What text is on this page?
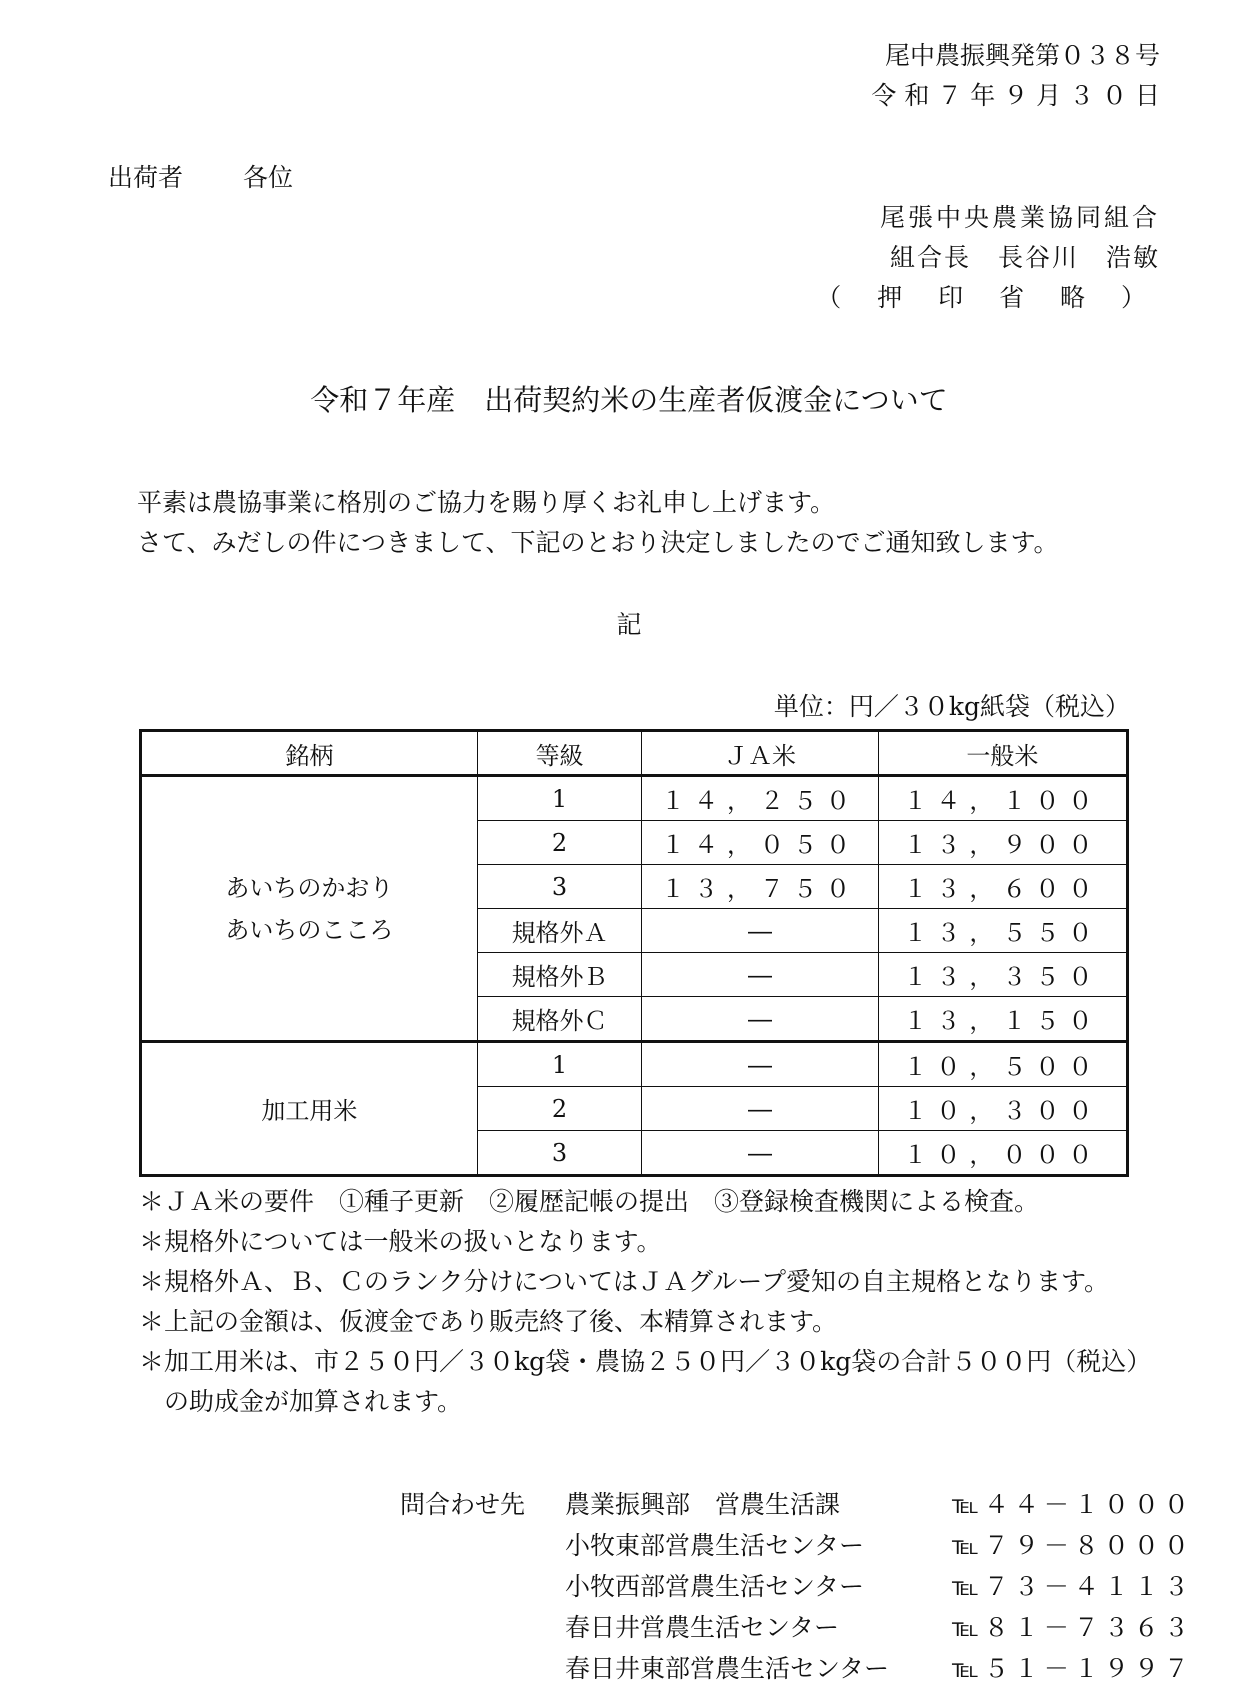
尾中農振興発第０３８号
令 和 ７ 年 ９ 月 ３ ０ 日
出荷者 各位
尾張中央農業協同組合
組合長　長谷川　浩敏
（ 押 印 省 略 ）
令和７年産　出荷契約米の生産者仮渡金について
平素は農協事業に格別のご協力を賜り厚くお礼申し上げます。
さて、みだしの件につきまして、下記のとおり決定しましたのでご通知致します。
記
単位：円／３０kg紙袋（税込）
銘柄	等級	ＪＡ米	一般米

あいちのかおり
あいちのこころ	1	１４，２５０	１４，１００
	2	１４，０５０	１３，９００
	3	１３，７５０	１３，６００
	規格外Ａ	―	１３，５５０
	規格外Ｂ	―	１３，３５０
	規格外Ｃ	―	１３，１５０
加工用米	1	―	１０，５００
	2	―	１０，３００
	3	―	１０，０００
＊ＪＡ米の要件　①種子更新　②履歴記帳の提出　③登録検査機関による検査。
＊規格外については一般米の扱いとなります。
＊規格外Ａ、Ｂ、Ｃのランク分けについてはＪＡグループ愛知の自主規格となります。
＊上記の金額は、仮渡金であり販売終了後、本精算されます。
＊加工用米は、市２５０円／３０kg袋・農協２５０円／３０kg袋の合計５００円（税込）の助成金が加算されます。
問合わせ先 農業振興部　営農生活課	℡４４－１０００
小牧東部営農生活センター	℡７９－８０００
小牧西部営農生活センター	℡７３－４１１３
春日井営農生活センター	℡８１－７３６３
春日井東部営農生活センター	℡５１－１９９７
